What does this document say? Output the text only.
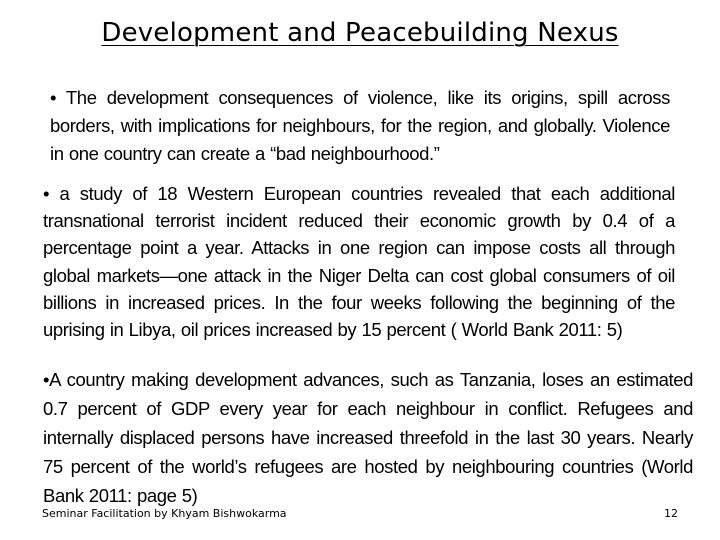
Development and Peacebuilding Nexus

• The development consequences of violence, like its origins, spill across borders, with implications for neighbours, for the region, and globally. Violence in one country can create a “bad neighbourhood.”

• a study of 18 Western European countries revealed that each additional transnational terrorist incident reduced their economic growth by 0.4 of a percentage point a year. Attacks in one region can impose costs all through global markets—one attack in the Niger Delta can cost global consumers of oil billions in increased prices. In the four weeks following the beginning of the uprising in Libya, oil prices increased by 15 percent ( World Bank 2011: 5)

•A country making development advances, such as Tanzania, loses an estimated 0.7 percent of GDP every year for each neighbour in conflict. Refugees and internally displaced persons have increased threefold in the last 30 years. Nearly 75 percent of the world’s refugees are hosted by neighbouring countries (World Bank 2011: page 5)

Seminar Facilitation by Khyam Bishwokarma	12
